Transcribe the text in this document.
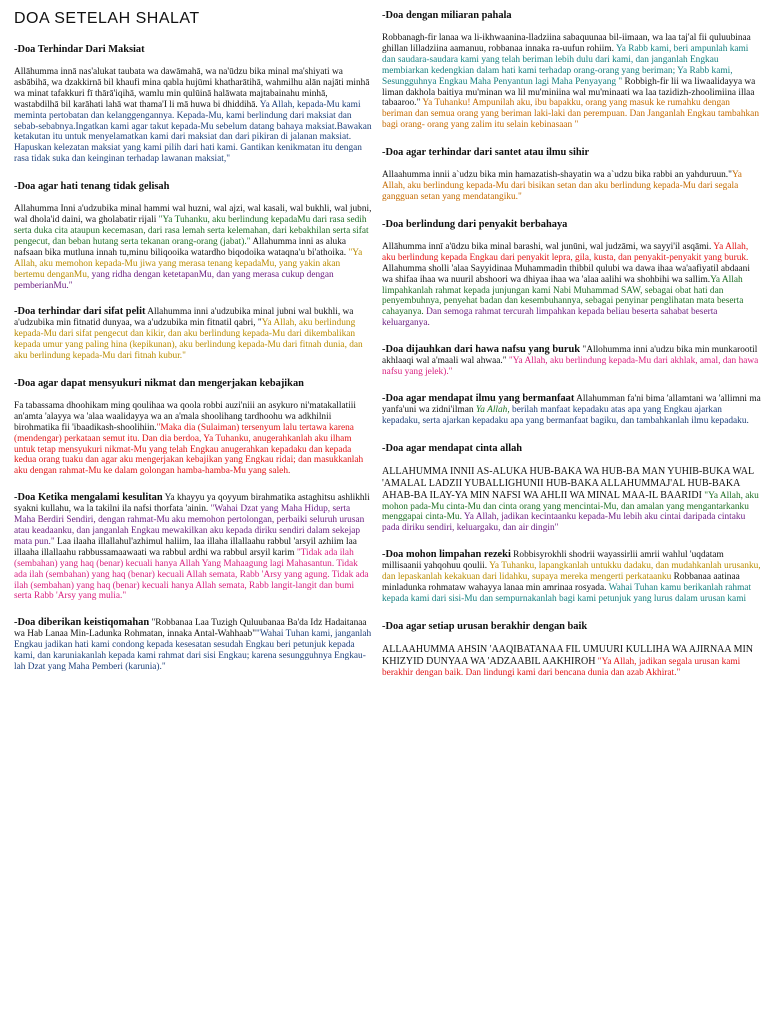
DOA SETELAH SHALAT
-Doa Terhindar Dari Maksiat

Allāhumma innā nas'alukat taubata wa dawāmahā, wa na'ūdzu bika minal ma'shiyati wa asbābihā, wa dzakkirnā bil khaufi mina qabla hujūmi khatharātihā, wahmilhu alān najāti minhā wa minat tafakkuri fī thārā'iqihā, wamlu min qulūinā halāwata majtabainahu minhā, wastabdilhā bil karāhati lahā wat thama'I li mā huwa bi dhiddihā. Ya Allah, kepada-Mu kami meminta pertobatan dan kelanggengannya. Kepada-Mu, kami berlindung dari maksiat dan sebab-sebabnya.Ingatkan kami agar takut kepada-Mu sebelum datang bahaya maksiat.Bawakan ketakutan itu untuk menyelamatkan kami dari maksiat dan dari pikiran di jalanan maksiat. Hapuskan kelezatan maksiat yang kami pilih dari hati kami. Gantikan kenikmatan itu dengan rasa tidak suka dan keinginan terhadap lawanan maksiat,"

-Doa agar hati tenang tidak gelisah

Allahumma Inni a'udzubika minal hammi wal huzni, wal ajzi, wal kasali, wal bukhli, wal jubni, wal dhola'id daini, wa gholabatir rijali "Ya Tuhanku, aku berlindung kepadaMu dari rasa sedih serta duka cita ataupun kecemasan, dari rasa lemah serta kelemahan, dari kebakhilan serta sifat pengecut, dan beban hutang serta tekanan orang-orang (jabat)." Allahumma inni as aluka nafsaan bika mutluna innah tu,minu biliqooika watardho biqodoika wataqna'u bi'athoika. "Ya Allah, aku memohon kepada-Mu jiwa yang merasa tenang kepadaMu, yang yakin akan bertemu denganMu, yang ridha dengan ketetapanMu, dan yang merasa cukup dengan pemberianMu."

-Doa terhindar dari sifat pelit Allahumma inni a'udzubika minal jubni wal bukhli, wa a'udzubika min fitnatid dunyaa, wa a'udzubika min fitnatil qabri, "Ya Allah, aku berlindung kepada-Mu dari sifat pengecut dan kikir, dan aku berlindung kepada-Mu dari dikembalikan kepada umur yang paling hina (kepikunan), aku berlindung kepada-Mu dari fitnah dunia, dan aku berlindung kepada-Mu dari fitnah kubur."

-Doa agar dapat mensyukuri nikmat dan mengerjakan kebajikan

Fa tabassama dhoohikam ming qoulihaa wa qoola robbi auzi'niii an asykuro ni'matakallatiii an'amta 'alayya wa 'alaa waalidayya wa an a'mala shoolihang tardhoohu wa adkhilnii birohmatika fii 'ibaadikash-shoolihiin."Maka dia (Sulaiman) tersenyum lalu tertawa karena (mendengar) perkataan semut itu. Dan dia berdoa, Ya Tuhanku, anugerahkanlah aku ilham untuk tetap mensyukuri nikmat-Mu yang telah Engkau anugerahkan kepadaku dan kepada kedua orang tuaku dan agar aku mengerjakan kebajikan yang Engkau ridai; dan masukkanlah aku dengan rahmat-Mu ke dalam golongan hamba-hamba-Mu yang saleh.

-Doa Ketika mengalami kesulitan Ya khayyu ya qoyyum birahmatika astaghitsu ashlikhli syakni kullahu, wa la takilni ila nafsi thorfata 'ainin. "Wahai Dzat yang Maha Hidup, serta Maha Berdiri Sendiri, dengan rahmat-Mu aku memohon pertolongan, perbaiki seluruh urusan atau keadaanku, dan janganlah Engkau mewakilkan aku kepada diriku sendiri dalam sekejap mata pun." Laa ilaaha illallahul'azhimul haliim, laa illaha illallaahu rabbul 'arsyil azhiim laa illaaha illallaahu rabbussamaawaati wa rabbul ardhi wa rabbul arsyil karim "Tidak ada ilah (sembahan) yang haq (benar) kecuali hanya Allah Yang Mahaagung lagi Mahasantun. Tidak ada ilah (sembahan) yang haq (benar) kecuali Allah semata, Rabb 'Arsy yang agung. Tidak ada ilah (sembahan) yang haq (benar) kecuali hanya Allah semata, Rabb langit-langit dan bumi serta Rabb 'Arsy yang mulia."

-Doa diberikan keistiqomahan "Robbanaa Laa Tuzigh Quluubanaa Ba'da Idz Hadaitanaa wa Hab Lanaa Min-Ladunka Rohmatan, innaka Antal-Wahhaab""Wahai Tuhan kami, janganlah Engkau jadikan hati kami condong kepada kesesatan sesudah Engkau beri petunjuk kepada kami, dan karuniakanlah kepada kami rahmat dari sisi Engkau; karena sesungguhnya Engkau-lah Dzat yang Maha Pemberi (karunia)."

-Doa dengan miliaran pahala

Robbanagh-fir lanaa wa li-ikhwaanina-lladziina sabaquunaa bil-iimaan, wa laa taj'al fii quluubinaa ghillan lilladziina aamanuu, robbanaa innaka ra-uufun rohiim. Ya Rabb kami, beri ampunlah kami dan saudara-saudara kami yang telah beriman lebih dulu dari kami, dan janganlah Engkau membiarkan kedengkian dalam hati kami terhadap orang-orang yang beriman; Ya Rabb kami, Sesungguhnya Engkau Maha Penyantun lagi Maha Penyayang " Robbigh-fir lii wa liwaalidayya wa liman dakhola baitiya mu'minan wa lil mu'miniina wal mu'minaati wa laa tazidizh-zhoolimiina illaa tabaaroo." Ya Tuhanku! Ampunilah aku, ibu bapakku, orang yang masuk ke rumahku dengan beriman dan semua orang yang beriman laki-laki dan perempuan. Dan Janganlah Engkau tambahkan bagi orang- orang yang zalim itu selain kebinasaan "

-Doa agar terhindar dari santet atau ilmu sihir

Allaahumma innii a`udzu bika min hamazatish-shayatin wa a`udzu bika rabbi an yahduruun."Ya Allah, aku berlindung kepada-Mu dari bisikan setan dan aku berlindung kepada-Mu dari segala gangguan setan yang mendatangiku."

-Doa berlindung dari penyakit berbahaya

Allāhumma innī a'ūdzu bika minal barashi, wal junūni, wal judzāmi, wa sayyi'il asqāmi. Ya Allah, aku berlindung kepada Engkau dari penyakit lepra, gila, kusta, dan penyakit-penyakit yang buruk. Allahumma sholli 'alaa Sayyidinaa Muhammadin thibbil qulubi wa dawa ihaa wa'aafiyatil abdaani wa shifaa ihaa wa nuuril abshoori wa dhiyaa ihaa wa 'alaa aalihi wa shohbihi wa sallim.Ya Allah limpahkanlah rahmat kepada junjungan kami Nabi Muhammad SAW, sebagai obat hati dan penyembuhnya, penyehat badan dan kesembuhannya, sebagai penyinar penglihatan mata beserta cahayanya. Dan semoga rahmat tercurah limpahkan kepada beliau beserta sahabat beserta keluarganya.

-Doa dijauhkan dari hawa nafsu yang buruk "Allohumma inni a'udzu bika min munkarootil akhlaaqi wal a'maali wal ahwaa." "Ya Allah, aku berlindung kepada-Mu dari akhlak, amal, dan hawa nafsu yang jelek)."

-Doa agar mendapat ilmu yang bermanfaat Allahumman fa'ni bima 'allamtani wa 'allimni ma yanfa'uni wa zidni'ilman Ya Allah, berilah manfaat kepadaku atas apa yang Engkau ajarkan kepadaku, serta ajarkan kepadaku apa yang bermanfaat bagiku, dan tambahkanlah ilmu kepadaku.

-Doa agar mendapat cinta allah

ALLAHUMMA INNII AS-ALUKA HUB-BAKA WA HUB-BA MAN YUHIB-BUKA WAL 'AMALAL LADZII YUBALLIGHUNII HUB-BAKA ALLAHUMMAJ'AL HUB-BAKA AHAB-BA ILAY-YA MIN NAFSI WA AHLII WA MINAL MAA-IL BAARIDI "Ya Allah, aku mohon pada-Mu cinta-Mu dan cinta orang yang mencintai-Mu, dan amalan yang mengantarkanku menggapai cinta-Mu. Ya Allah, jadikan kecintaanku kepada-Mu lebih aku cintai daripada cintaku pada diriku sendiri, keluargaku, dan air dingin"

-Doa mohon limpahan rezeki Robbisyrokhli shodrii wayassirlii amrii wahlul 'uqdatam millisaanii yahqohuu qoulii. Ya Tuhanku, lapangkanlah untukku dadaku, dan mudahkanlah urusanku, dan lepaskanlah kekakuan dari lidahku, supaya mereka mengerti perkataanku Robbanaa aatinaa minladunka rohmataw wahayya lanaa min amrinaa rosyada. Wahai Tuhan kamu berikanlah rahmat kepada kami dari sisi-Mu dan sempurnakanlah bagi kami petunjuk yang lurus dalam urusan kami

-Doa agar setiap urusan berakhir dengan baik

ALLAAHUMMA AHSIN 'AAQIBATANAA FIL UMUURI KULLIHA WA AJIRNAA MIN KHIZYID DUNYAA WA 'ADZAABIL AAKHIROH "Ya Allah, jadikan segala urusan kami berakhir dengan baik. Dan lindungi kami dari bencana dunia dan azab Akhirat."
